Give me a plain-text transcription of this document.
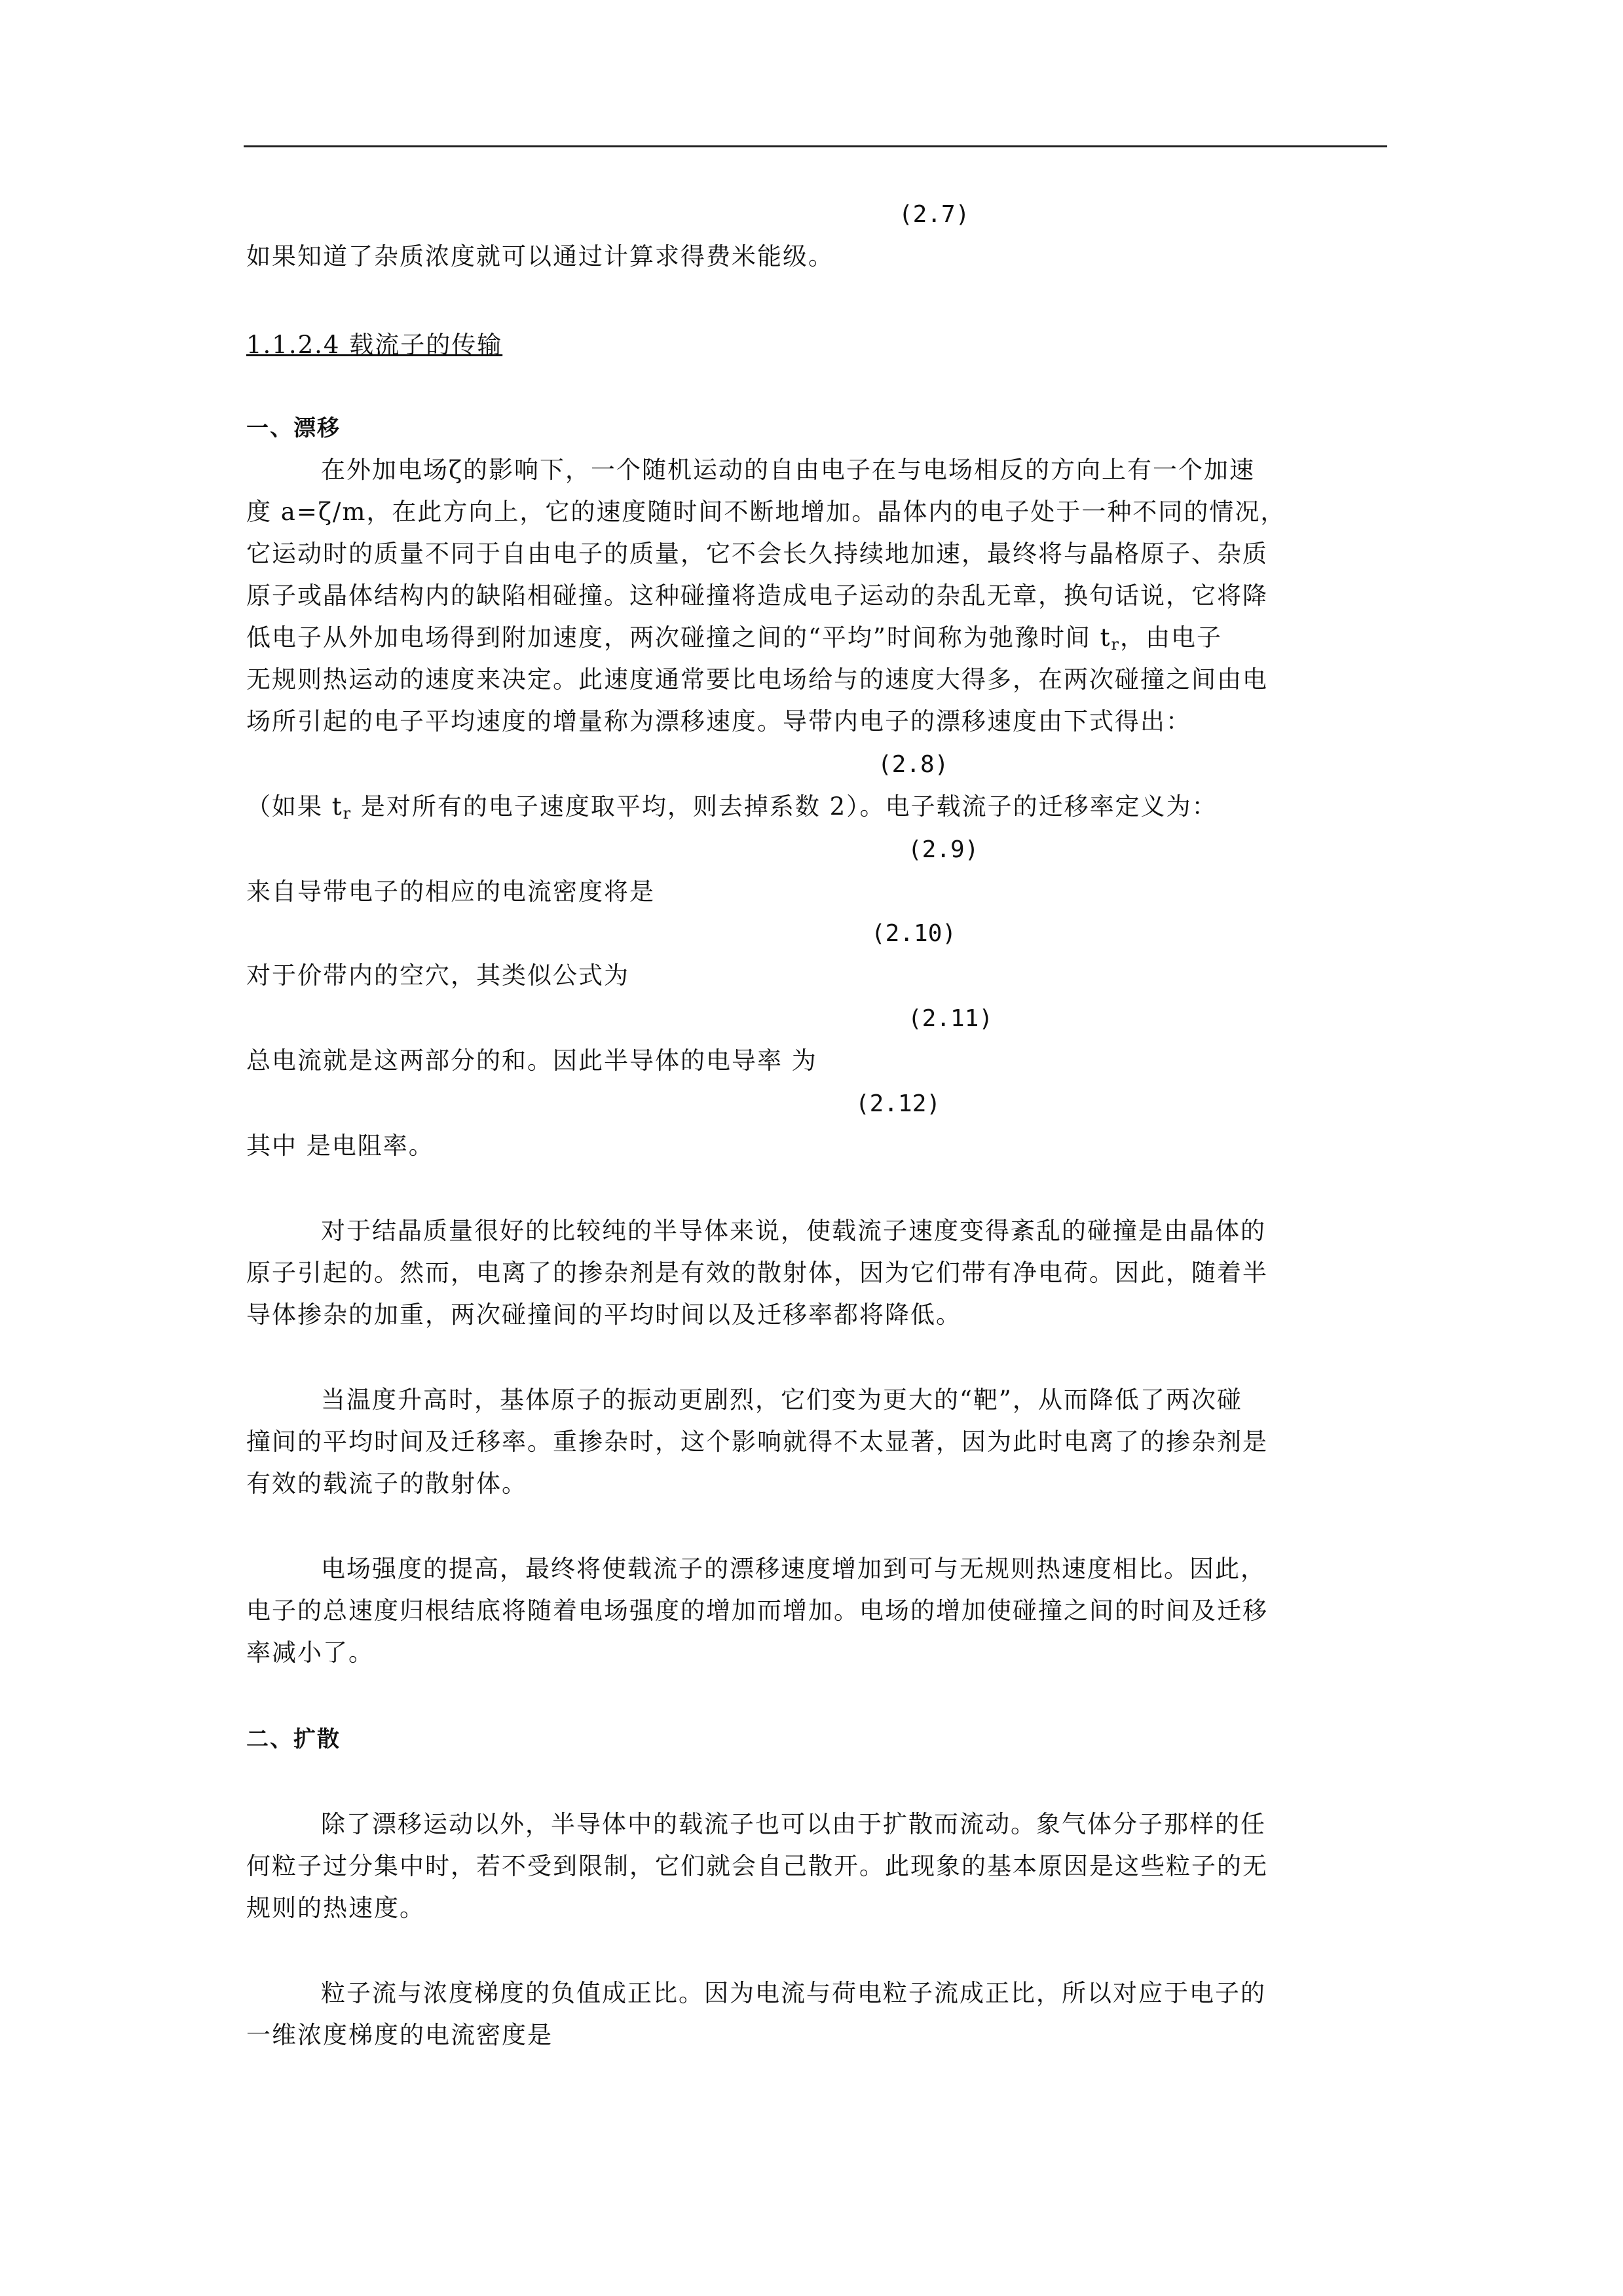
(2.7)
如果知道了杂质浓度就可以通过计算求得费米能级。
1.1.2.4 载流子的传输
一、漂移
在外加电场ζ的影响下，一个随机运动的自由电子在与电场相反的方向上有一个加速
度 a=ζ/m，在此方向上，它的速度随时间不断地增加。晶体内的电子处于一种不同的情况，
它运动时的质量不同于自由电子的质量，它不会长久持续地加速，最终将与晶格原子、杂质
原子或晶体结构内的缺陷相碰撞。这种碰撞将造成电子运动的杂乱无章，换句话说，它将降
低电子从外加电场得到附加速度，两次碰撞之间的“平均”时间称为弛豫时间 $t_r$，由电子
无规则热运动的速度来决定。此速度通常要比电场给与的速度大得多，在两次碰撞之间由电
场所引起的电子平均速度的增量称为漂移速度。导带内电子的漂移速度由下式得出：
(2.8)
（如果 $t_r$ 是对所有的电子速度取平均，则去掉系数 2）。电子载流子的迁移率定义为：
(2.9)
来自导带电子的相应的电流密度将是
(2.10)
对于价带内的空穴，其类似公式为
(2.11)
总电流就是这两部分的和。因此半导体的电导率 为
(2.12)
其中 是电阻率。
对于结晶质量很好的比较纯的半导体来说，使载流子速度变得紊乱的碰撞是由晶体的
原子引起的。然而，电离了的掺杂剂是有效的散射体，因为它们带有净电荷。因此，随着半
导体掺杂的加重，两次碰撞间的平均时间以及迁移率都将降低。
当温度升高时，基体原子的振动更剧烈，它们变为更大的“靶”，从而降低了两次碰
撞间的平均时间及迁移率。重掺杂时，这个影响就得不太显著，因为此时电离了的掺杂剂是
有效的载流子的散射体。
电场强度的提高，最终将使载流子的漂移速度增加到可与无规则热速度相比。因此，
电子的总速度归根结底将随着电场强度的增加而增加。电场的增加使碰撞之间的时间及迁移
率减小了。
二、扩散
除了漂移运动以外，半导体中的载流子也可以由于扩散而流动。象气体分子那样的任
何粒子过分集中时，若不受到限制，它们就会自己散开。此现象的基本原因是这些粒子的无
规则的热速度。
粒子流与浓度梯度的负值成正比。因为电流与荷电粒子流成正比，所以对应于电子的
一维浓度梯度的电流密度是
